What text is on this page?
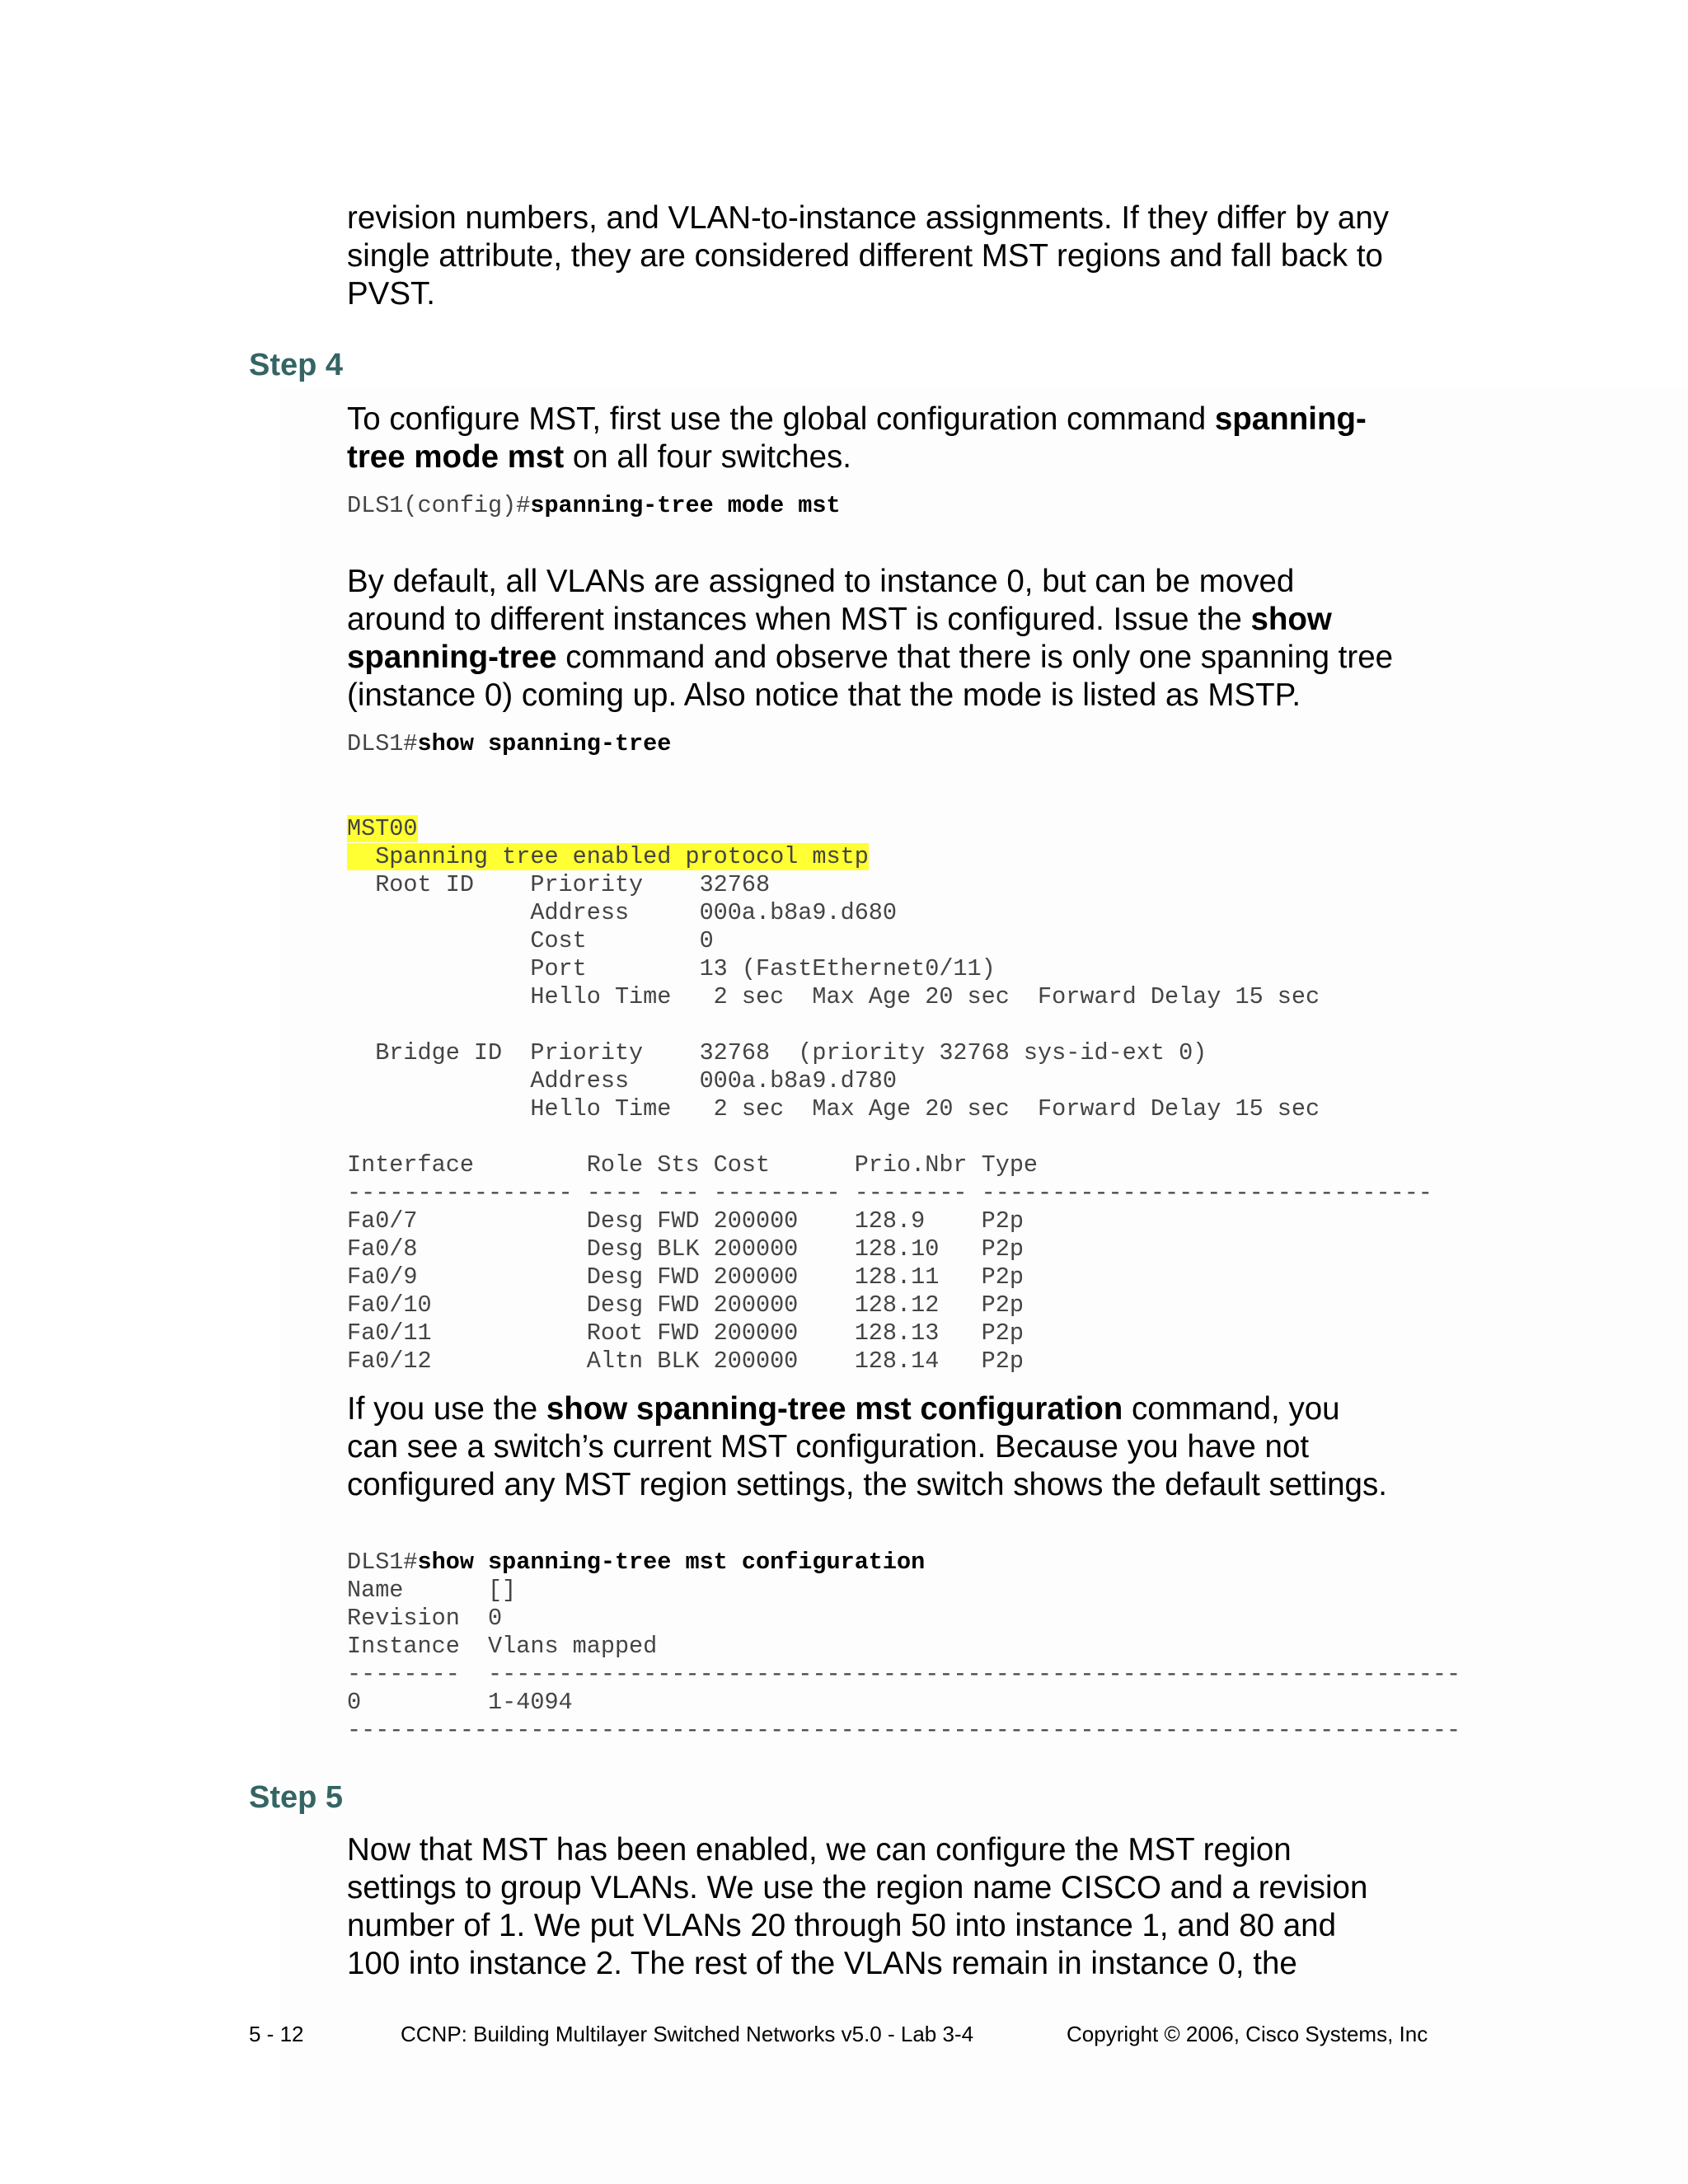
revision numbers, and VLAN-to-instance assignments. If they differ by any
single attribute, they are considered different MST regions and fall back to
PVST.
Step 4
To configure MST, first use the global configuration command spanning-
tree mode mst on all four switches.
DLS1(config)#spanning-tree mode mst
By default, all VLANs are assigned to instance 0, but can be moved
around to different instances when MST is configured. Issue the show
spanning-tree command and observe that there is only one spanning tree
(instance 0) coming up. Also notice that the mode is listed as MSTP.
DLS1#show spanning-tree

MST00
Spanning tree enabled protocol mstp
Root ID    Priority    32768
Address     000a.b8a9.d680
Cost        0
Port        13 (FastEthernet0/11)
Hello Time   2 sec  Max Age 20 sec  Forward Delay 15 sec
Bridge ID  Priority    32768  (priority 32768 sys-id-ext 0)
Address     000a.b8a9.d780
Hello Time   2 sec  Max Age 20 sec  Forward Delay 15 sec
Interface        Role Sts Cost      Prio.Nbr Type
---------------- ---- --- --------- -------- --------------------------------
Fa0/7            Desg FWD 200000    128.9    P2p
Fa0/8            Desg BLK 200000    128.10   P2p
Fa0/9            Desg FWD 200000    128.11   P2p
Fa0/10           Desg FWD 200000    128.12   P2p
Fa0/11           Root FWD 200000    128.13   P2p
Fa0/12           Altn BLK 200000    128.14   P2p

If you use the show spanning-tree mst configuration command, you
can see a switch’s current MST configuration. Because you have not
configured any MST region settings, the switch shows the default settings.

DLS1#show spanning-tree mst configuration
Name      []
Revision  0
Instance  Vlans mapped
--------  ---------------------------------------------------------------------
0         1-4094
-------------------------------------------------------------------------------

Step 5
Now that MST has been enabled, we can configure the MST region
settings to group VLANs. We use the region name CISCO and a revision
number of 1. We put VLANs 20 through 50 into instance 1, and 80 and
100 into instance 2. The rest of the VLANs remain in instance 0, the
5 - 12	CCNP: Building Multilayer Switched Networks v5.0 - Lab 3-4	Copyright © 2006, Cisco Systems, Inc
